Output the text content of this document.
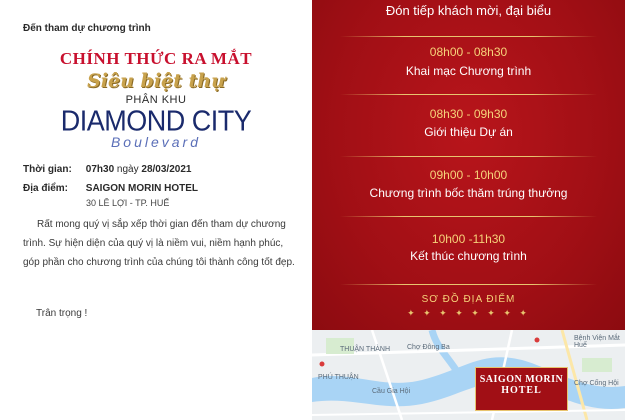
Đến tham dự chương trình
CHÍNH THỨC RA MẮT
Siêu biệt thự
PHÂN KHU
DIAMOND CITY
Boulevard
Thời gian: 07h30 ngày 28/03/2021
Địa điểm: SAIGON MORIN HOTEL
30 LÊ LỢI - TP. HUẾ
Rất mong quý vị sắp xếp thời gian đến tham dự chương trình. Sự hiện diện của quý vị là niềm vui, niềm hạnh phúc, góp phần cho chương trình của chúng tôi thành công tốt đẹp.
Trân trọng !
Đón tiếp khách mời, đại biểu
08h00 - 08h30
Khai mạc Chương trình
08h30 - 09h30
Giới thiệu Dự án
09h00 - 10h00
Chương trình bốc thăm trúng thưởng
10h00 -11h30
Kết thúc chương trình
SƠ ĐỒ ĐỊA ĐIỂM
✦ ✦ ✦ ✦ ✦ ✦ ✦ ✦
Bệnh Viện Mắt Huế
Chợ Đông Ba
Chợ Cống Hội
PHÚ THUẬN
THUẬN THÀNH
Cầu Gia Hội
SAIGON MORIN
HOTEL
